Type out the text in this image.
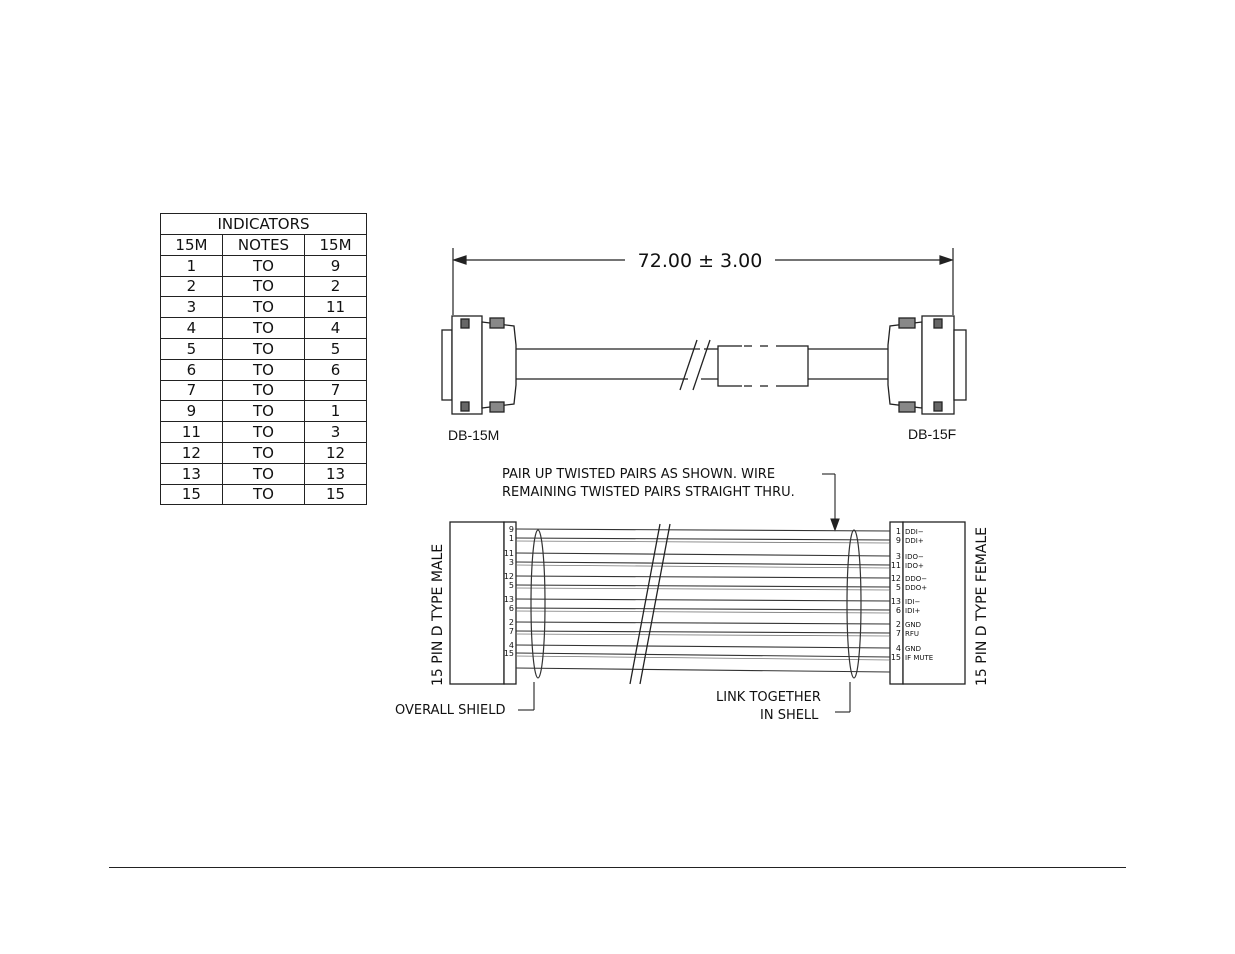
INDICATORS		
15M	NOTES	15M
1	TO	9
2	TO	2
3	TO	11
4	TO	4
5	TO	5
6	TO	6
7	TO	7
9	TO	1
11	TO	3
12	TO	12
13	TO	13
15	TO	15
72.00 ± 3.00
DB-15M	DB-15F
PAIR UP TWISTED PAIRS AS SHOWN. WIRE
REMAINING TWISTED PAIRS STRAIGHT THRU.
15 PIN D TYPE MALE	15 PIN D TYPE FEMALE
9
1
11
3
12
5
13
6
2
7
4
15
1 DDI−
9 DDI+
3 IDO−
11 IDO+
12 DDO−
5 DDO+
13 IDI−
6 IDI+
2 GND
7 RFU
4 GND
15 IF MUTE
OVERALL SHIELD
LINK TOGETHER
IN SHELL
